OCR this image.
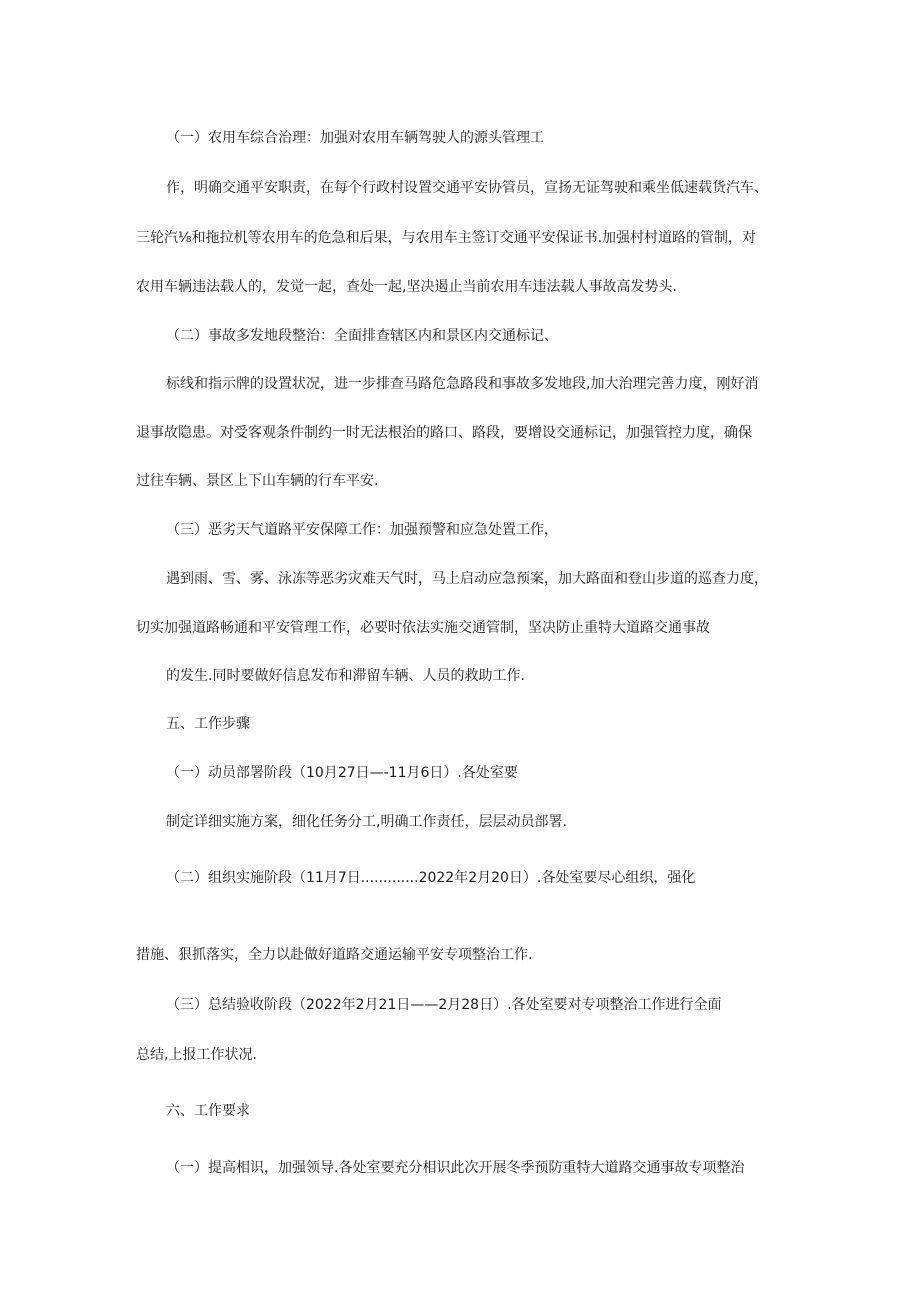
（一）农用车综合治理：加强对农用车辆驾驶人的源头管理工

作，明确交通平安职责，在每个行政村设置交通平安协管员，宣扬无证驾驶和乘坐低速载货汽车、

三轮汽⅛和拖拉机等农用车的危急和后果，与农用车主签订交通平安保证书.加强村村道路的管制，对

农用车辆违法载人的，发觉一起，查处一起,坚决遏止当前农用车违法载人事故高发势头.

（二）事故多发地段整治：全面排查辖区内和景区内交通标记、

标线和指示牌的设置状况，进一步排查马路危急路段和事故多发地段,加大治理完善力度，刚好消

退事故隐患。对受客观条件制约一时无法根治的路口、路段，要增设交通标记，加强管控力度，确保

过往车辆、景区上下山车辆的行车平安.

（三）恶劣天气道路平安保障工作：加强预警和应急处置工作，

遇到雨、雪、雾、泳冻等恶劣灾难天气时，马上启动应急预案，加大路面和登山步道的巡查力度，

切实加强道路畅通和平安管理工作，必要时依法实施交通管制，坚决防止重特大道路交通事故

的发生.同时要做好信息发布和滞留车辆、人员的救助工作.

五、工作步骤

（一）动员部署阶段（10月27日—-11月6日）.各处室要

制定详细实施方案，细化任务分工,明确工作责任，层层动员部署.

（二）组织实施阶段（11月7日.............2022年2月20日）.各处室要尽心组织，强化

措施、狠抓落实，全力以赴做好道路交通运输平安专项整治工作.

（三）总结验收阶段（2022年2月21日——2月28日）.各处室要对专项整治工作进行全面

总结,上报工作状况.

六、工作要求

（一）提高相识，加强领导.各处室要充分相识此次开展冬季预防重特大道路交通事故专项整治
